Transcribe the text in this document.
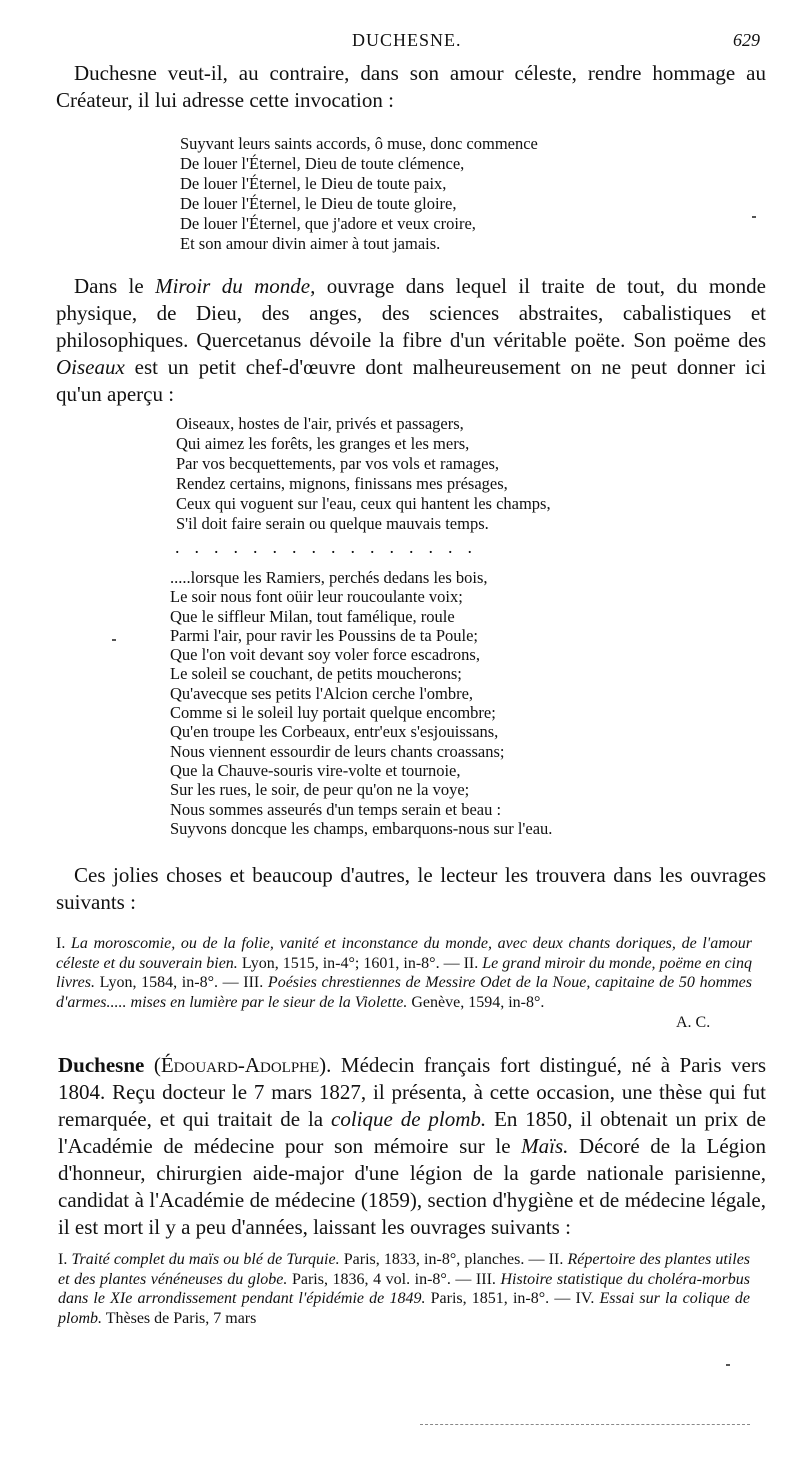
DUCHESNE.	629

Duchesne veut-il, au contraire, dans son amour céleste, rendre hommage au Créateur, il lui adresse cette invocation :

Suyvant leurs saints accords, ô muse, donc commence
De louer l'Éternel, Dieu de toute clémence,
De louer l'Éternel, le Dieu de toute paix,
De louer l'Éternel, le Dieu de toute gloire,
De louer l'Éternel, que j'adore et veux croire,
Et son amour divin aimer à tout jamais.

Dans le Miroir du monde, ouvrage dans lequel il traite de tout, du monde physique, de Dieu, des anges, des sciences abstraites, cabalistiques et philosophiques. Quercetanus dévoile la fibre d'un véritable poëte. Son poëme des Oiseaux est un petit chef-d'œuvre dont malheureusement on ne peut donner ici qu'un aperçu :

Oiseaux, hostes de l'air, privés et passagers,
Qui aimez les forêts, les granges et les mers,
Par vos becquettements, par vos vols et ramages,
Rendez certains, mignons, finissans mes présages,
Ceux qui voguent sur l'eau, ceux qui hantent les champs,
S'il doit faire serain ou quelque mauvais temps.
................
.....lorsque les Ramiers, perchés dedans les bois,
Le soir nous font oüir leur roucoulante voix;
Que le siffleur Milan, tout famélique, roule
Parmi l'air, pour ravir les Poussins de ta Poule;
Que l'on voit devant soy voler force escadrons,
Le soleil se couchant, de petits moucherons;
Qu'avecque ses petits l'Alcion cerche l'ombre,
Comme si le soleil luy portait quelque encombre;
Qu'en troupe les Corbeaux, entr'eux s'esjouissans,
Nous viennent essourdir de leurs chants croassans;
Que la Chauve-souris vire-volte et tournoie,
Sur les rues, le soir, de peur qu'on ne la voye;
Nous sommes asseurés d'un temps serain et beau :
Suyvons doncque les champs, embarquons-nous sur l'eau.

Ces jolies choses et beaucoup d'autres, le lecteur les trouvera dans les ouvrages suivants :

I. La moroscomie, ou de la folie, vanité et inconstance du monde, avec deux chants doriques, de l'amour céleste et du souverain bien. Lyon, 1515, in-4°; 1601, in-8°. — II. Le grand miroir du monde, poëme en cinq livres. Lyon, 1584, in-8°. — III. Poésies chrestiennes de Messire Odet de la Noue, capitaine de 50 hommes d'armes..... mises en lumière par le sieur de la Violette. Genève, 1594, in-8°.

A. C.

Duchesne (Édouard-Adolphe). Médecin français fort distingué, né à Paris vers 1804. Reçu docteur le 7 mars 1827, il présenta, à cette occasion, une thèse qui fut remarquée, et qui traitait de la colique de plomb. En 1850, il obtenait un prix de l'Académie de médecine pour son mémoire sur le Maïs. Décoré de la Légion d'honneur, chirurgien aide-major d'une légion de la garde nationale parisienne, candidat à l'Académie de médecine (1859), section d'hygiène et de médecine légale, il est mort il y a peu d'années, laissant les ouvrages suivants :

I. Traité complet du maïs ou blé de Turquie. Paris, 1833, in-8°, planches. — II. Répertoire des plantes utiles et des plantes vénéneuses du globe. Paris, 1836, 4 vol. in-8°. — III. Histoire statistique du choléra-morbus dans le XIe arrondissement pendant l'épidémie de 1849. Paris, 1851, in-8°. — IV. Essai sur la colique de plomb. Thèses de Paris, 7 mars
